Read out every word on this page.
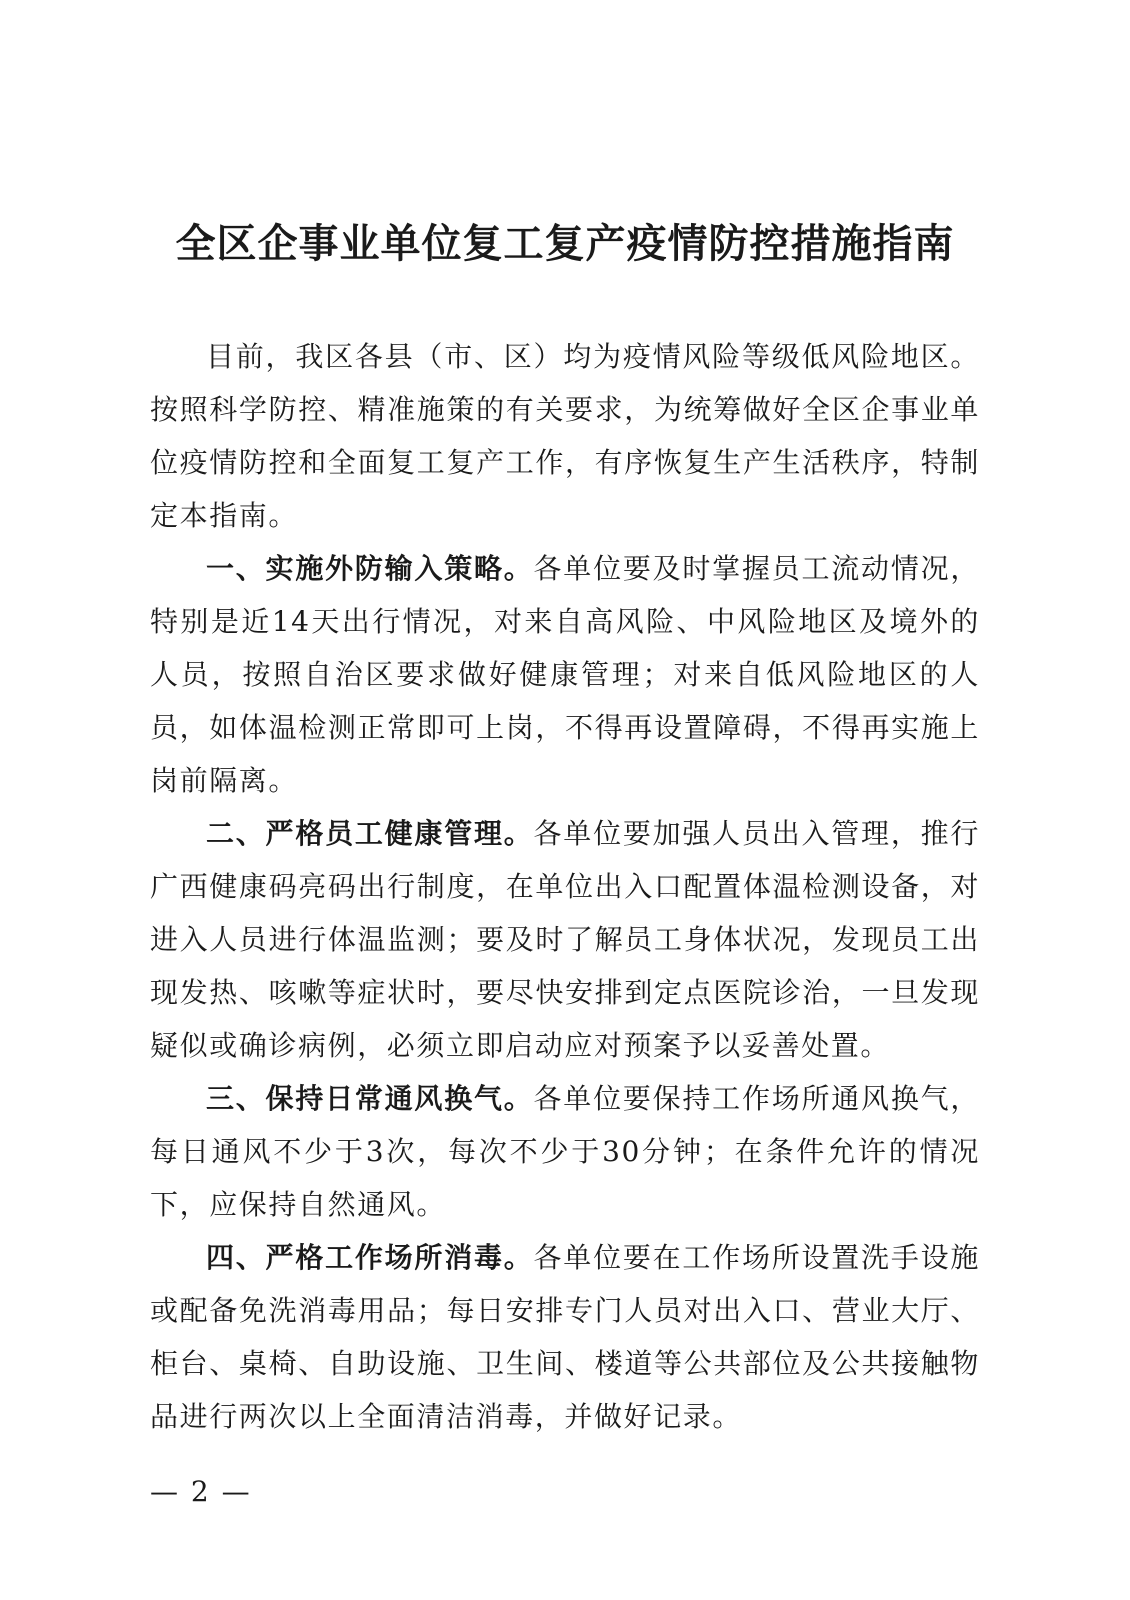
全区企事业单位复工复产疫情防控措施指南

目前，我区各县（市、区）均为疫情风险等级低风险地区。按照科学防控、精准施策的有关要求，为统筹做好全区企事业单位疫情防控和全面复工复产工作，有序恢复生产生活秩序，特制定本指南。

一、实施外防输入策略。各单位要及时掌握员工流动情况，特别是近14天出行情况，对来自高风险、中风险地区及境外的人员，按照自治区要求做好健康管理；对来自低风险地区的人员，如体温检测正常即可上岗，不得再设置障碍，不得再实施上岗前隔离。

二、严格员工健康管理。各单位要加强人员出入管理，推行广西健康码亮码出行制度，在单位出入口配置体温检测设备，对进入人员进行体温监测；要及时了解员工身体状况，发现员工出现发热、咳嗽等症状时，要尽快安排到定点医院诊治，一旦发现疑似或确诊病例，必须立即启动应对预案予以妥善处置。

三、保持日常通风换气。各单位要保持工作场所通风换气，每日通风不少于3次，每次不少于30分钟；在条件允许的情况下，应保持自然通风。

四、严格工作场所消毒。各单位要在工作场所设置洗手设施或配备免洗消毒用品；每日安排专门人员对出入口、营业大厅、柜台、桌椅、自助设施、卫生间、楼道等公共部位及公共接触物品进行两次以上全面清洁消毒，并做好记录。

— 2 —
